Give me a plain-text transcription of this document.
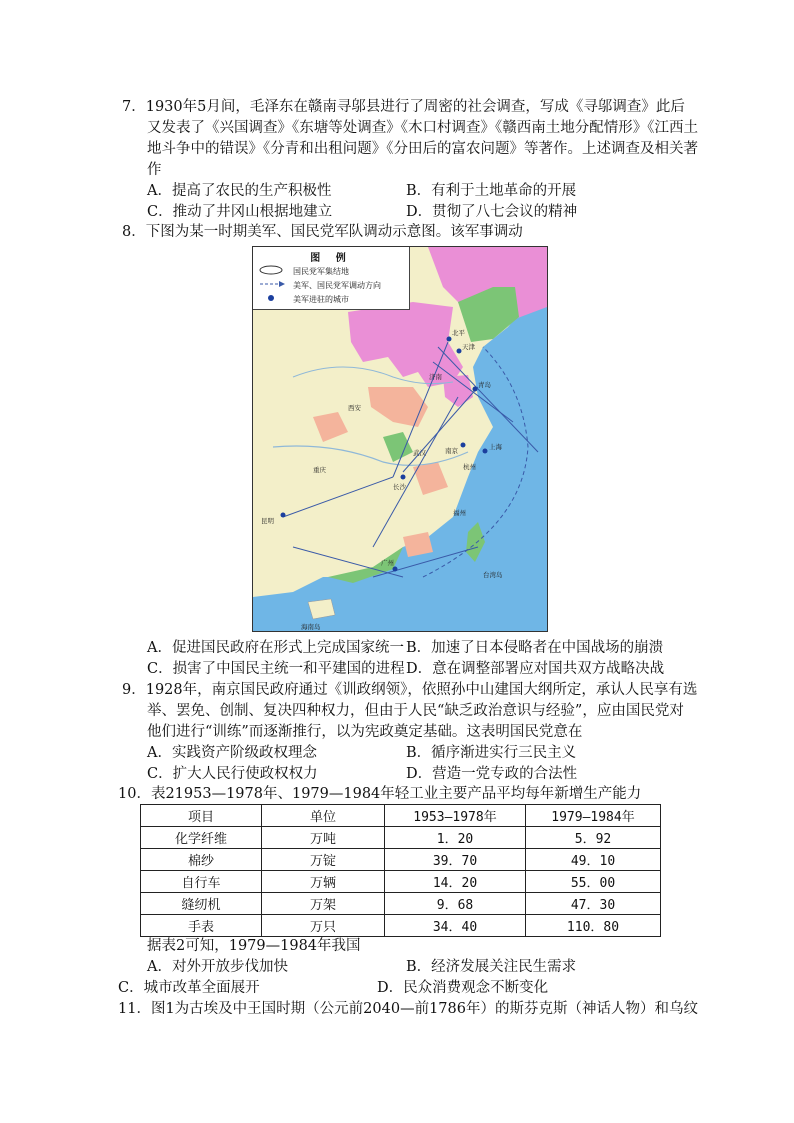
7．1930年5月间，毛泽东在赣南寻邬县进行了周密的社会调查，写成《寻邬调查》此后
又发表了《兴国调查》《东塘等处调查》《木口村调查》《赣西南土地分配情形》《江西土
地斗争中的错误》《分青和出租问题》《分田后的富农问题》等著作。上述调查及相关著
作
A．提高了农民的生产积极性	B．有利于土地革命的开展
C．推动了井冈山根据地建立	D．贯彻了八七会议的精神
8．下图为某一时期美军、国民党军队调动示意图。该军事调动
北平
天津
济南
青岛
南京	上海
杭州
长沙
武汉
福州
广州
昆明
重庆
西安
台湾岛
海南岛
图 例
国民党军集结地
美军、国民党军调动方向
美军进驻的城市
A．促进国民政府在形式上完成国家统一 B．加速了日本侵略者在中国战场的崩溃
C．损害了中国民主统一和平建国的进程 D．意在调整部署应对国共双方战略决战
9．1928年，南京国民政府通过《训政纲领》，依照孙中山建国大纲所定，承认人民享有选
举、罢免、创制、复决四种权力，但由于人民“缺乏政治意识与经验”，应由国民党对
他们进行“训练”而逐渐推行，以为宪政奠定基础。这表明国民党意在
A．实践资产阶级政权理念	B．循序渐进实行三民主义
C．扩大人民行使政权权力	D．营造一党专政的合法性
10．表21953—1978年、1979—1984年轻工业主要产品平均每年新增生产能力
项目	单位	1953—1978年	1979—1984年
化学纤维	万吨	1．20	5．92
棉纱	万锭	39．70	49．10
自行车	万辆	14．20	55．00
缝纫机	万架	9．68	47．30
手表	万只	34．40	110．80
据表2可知，1979—1984年我国
A．对外开放步伐加快	B．经济发展关注民生需求
C．城市改革全面展开	D．民众消费观念不断变化
11．图1为古埃及中王国时期（公元前2040—前1786年）的斯芬克斯（神话人物）和乌纹
